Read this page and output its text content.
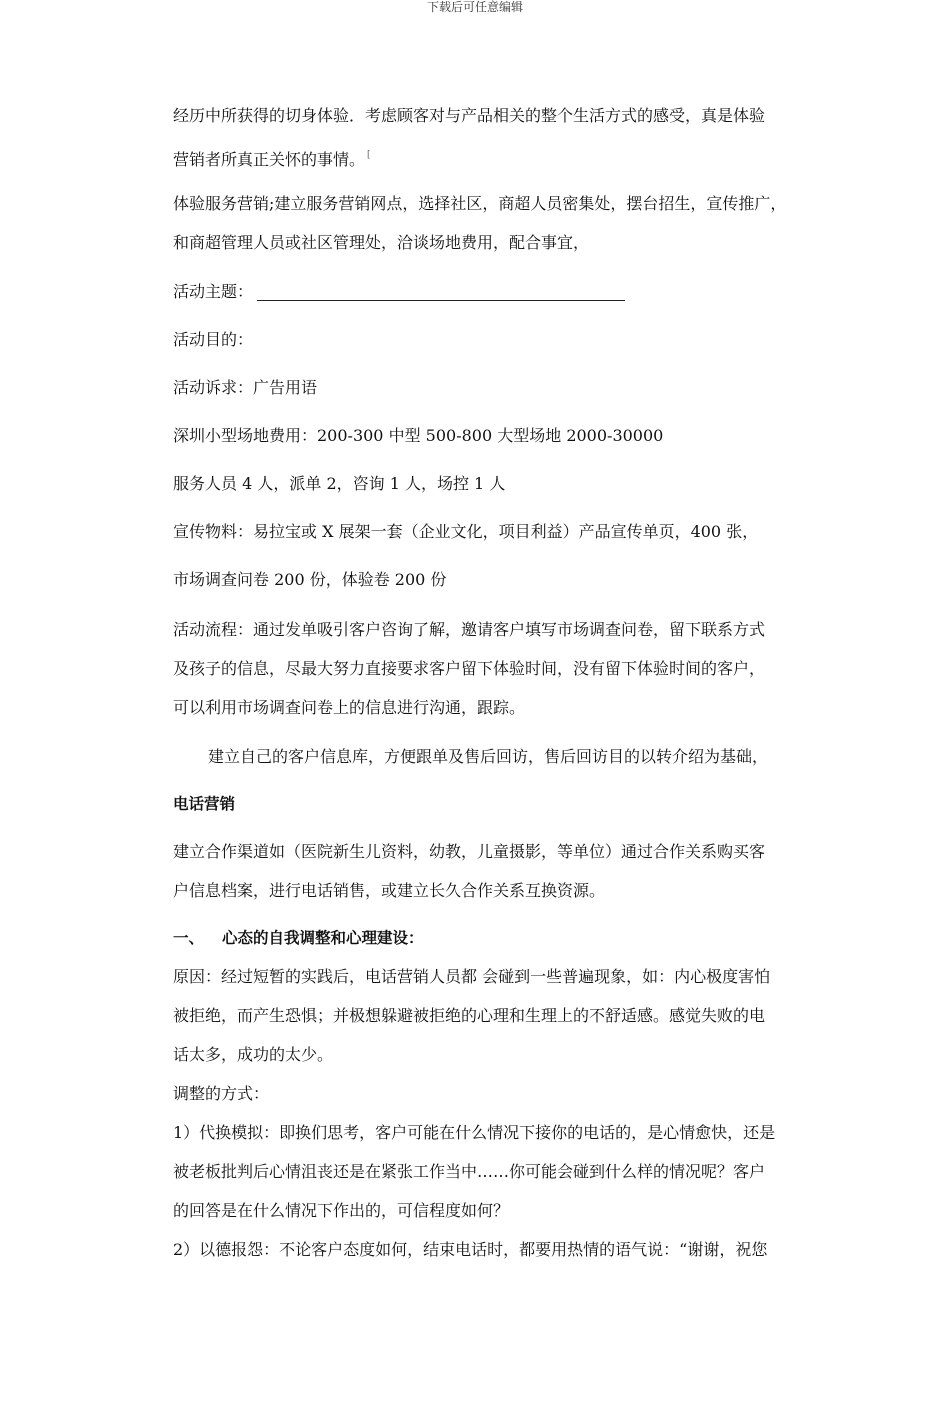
下载后可任意编辑
经历中所获得的切身体验．考虑顾客对与产品相关的整个生活方式的感受，真是体验
营销者所真正关怀的事情。 [
体验服务营销;建立服务营销网点，选择社区，商超人员密集处，摆台招生，宣传推广，
和商超管理人员或社区管理处，洽谈场地费用，配合事宜，
活动主题：
活动目的：
活动诉求：广告用语
深圳小型场地费用：200-300 中型 500-800 大型场地 2000-30000
服务人员 4 人，派单 2，咨询 1 人，场控 1 人
宣传物料：易拉宝或 X 展架一套（企业文化，项目利益）产品宣传单页，400 张，
市场调查问卷 200 份，体验卷 200 份
活动流程：通过发单吸引客户咨询了解，邀请客户填写市场调查问卷，留下联系方式
及孩子的信息，尽最大努力直接要求客户留下体验时间，没有留下体验时间的客户，
可以利用市场调查问卷上的信息进行沟通，跟踪。
建立自己的客户信息库，方便跟单及售后回访，售后回访目的以转介绍为基础，
电话营销
建立合作渠道如（医院新生儿资料，幼教，儿童摄影，等单位）通过合作关系购买客
户信息档案，进行电话销售，或建立长久合作关系互换资源。
一、 心态的自我调整和心理建设：
原因：经过短暂的实践后，电话营销人员都 会碰到一些普遍现象，如：内心极度害怕
被拒绝，而产生恐惧；并极想躲避被拒绝的心理和生理上的不舒适感。感觉失败的电
话太多，成功的太少。
调整的方式：
1）代换模拟：即换们思考，客户可能在什么情况下接你的电话的，是心情愈快，还是
被老板批判后心情沮丧还是在紧张工作当中……你可能会碰到什么样的情况呢？客户
的回答是在什么情况下作出的，可信程度如何？
2）以德报怨：不论客户态度如何，结束电话时，都要用热情的语气说：“谢谢，祝您
